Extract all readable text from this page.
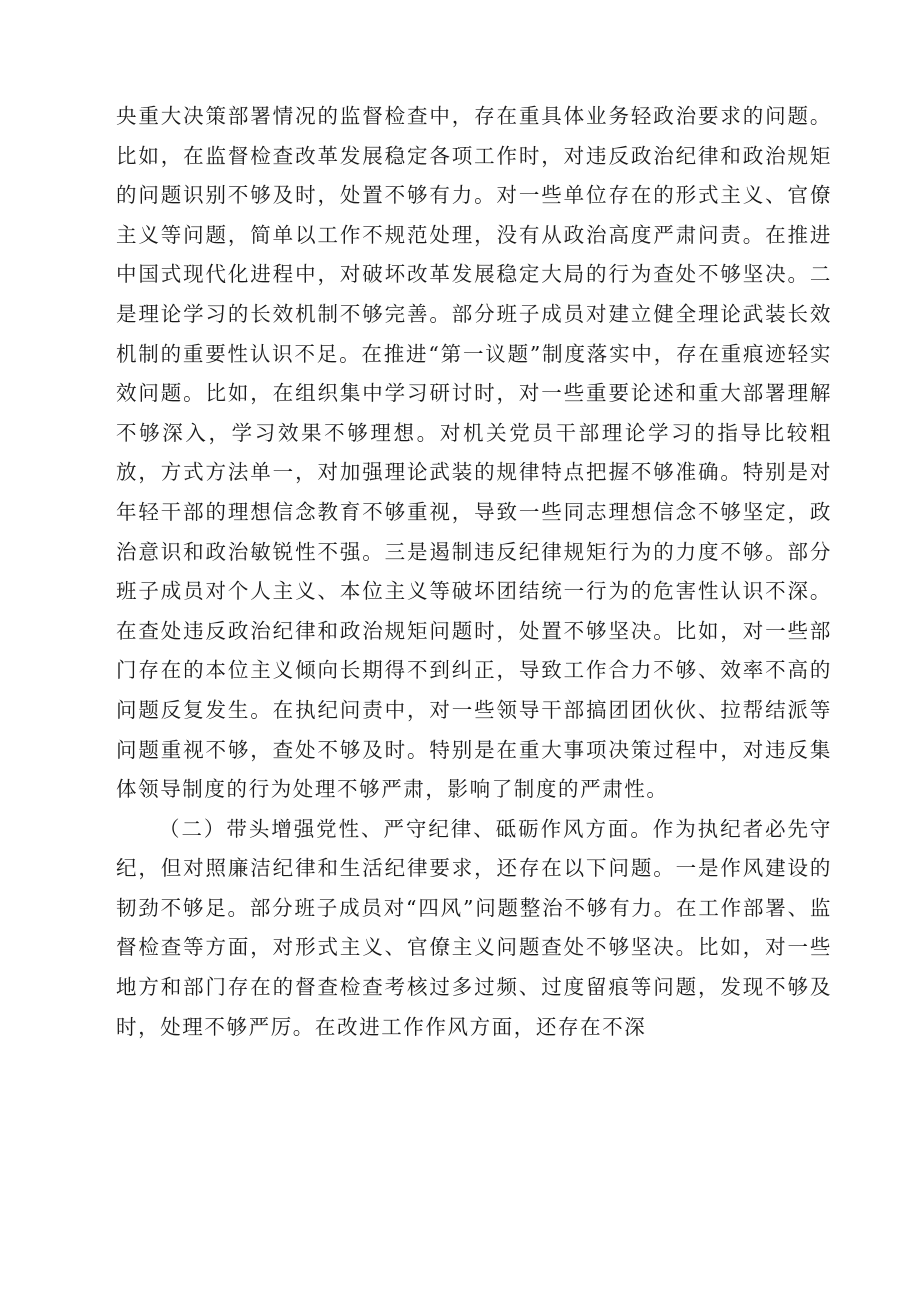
央重大决策部署情况的监督检查中，存在重具体业务轻政治要求的问题。比如，在监督检查改革发展稳定各项工作时，对违反政治纪律和政治规矩的问题识别不够及时，处置不够有力。对一些单位存在的形式主义、官僚主义等问题，简单以工作不规范处理，没有从政治高度严肃问责。在推进中国式现代化进程中，对破坏改革发展稳定大局的行为查处不够坚决。二是理论学习的长效机制不够完善。部分班子成员对建立健全理论武装长效机制的重要性认识不足。在推进“第一议题”制度落实中，存在重痕迹轻实效问题。比如，在组织集中学习研讨时，对一些重要论述和重大部署理解不够深入，学习效果不够理想。对机关党员干部理论学习的指导比较粗放，方式方法单一，对加强理论武装的规律特点把握不够准确。特别是对年轻干部的理想信念教育不够重视，导致一些同志理想信念不够坚定，政治意识和政治敏锐性不强。三是遏制违反纪律规矩行为的力度不够。部分班子成员对个人主义、本位主义等破坏团结统一行为的危害性认识不深。在查处违反政治纪律和政治规矩问题时，处置不够坚决。比如，对一些部门存在的本位主义倾向长期得不到纠正，导致工作合力不够、效率不高的问题反复发生。在执纪问责中，对一些领导干部搞团团伙伙、拉帮结派等问题重视不够，查处不够及时。特别是在重大事项决策过程中，对违反集体领导制度的行为处理不够严肃，影响了制度的严肃性。

（二）带头增强党性、严守纪律、砥砺作风方面。作为执纪者必先守纪，但对照廉洁纪律和生活纪律要求，还存在以下问题。一是作风建设的韧劲不够足。部分班子成员对“四风”问题整治不够有力。在工作部署、监督检查等方面，对形式主义、官僚主义问题查处不够坚决。比如，对一些地方和部门存在的督查检查考核过多过频、过度留痕等问题，发现不够及时，处理不够严厉。在改进工作作风方面，还存在不深
